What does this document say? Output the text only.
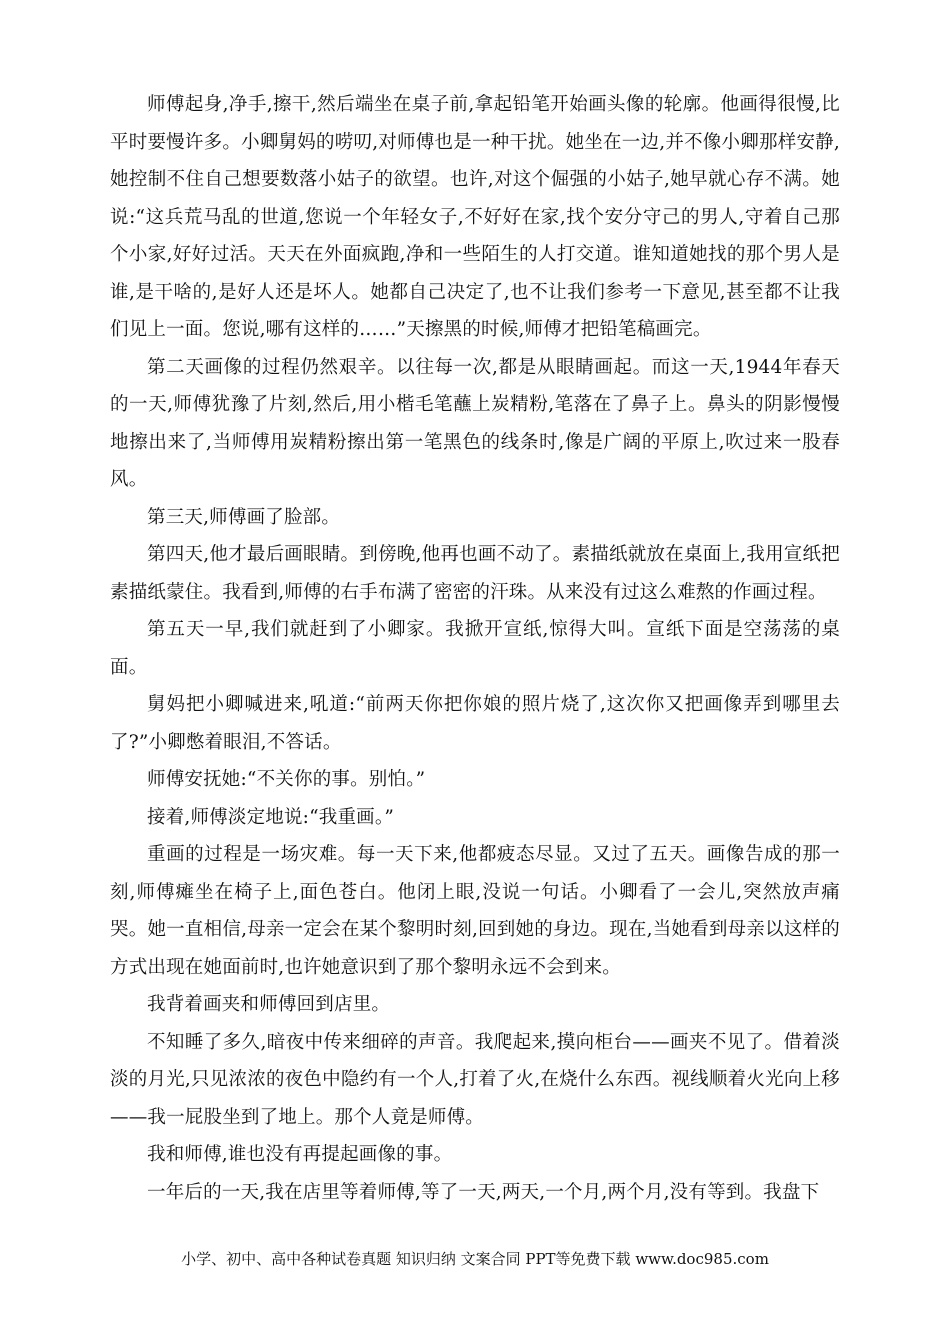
师傅起身,净手,擦干,然后端坐在桌子前,拿起铅笔开始画头像的轮廓。他画得很慢,比平时要慢许多。小卿舅妈的唠叨,对师傅也是一种干扰。她坐在一边,并不像小卿那样安静,她控制不住自己想要数落小姑子的欲望。也许,对这个倔强的小姑子,她早就心存不满。她说:“这兵荒马乱的世道,您说一个年轻女子,不好好在家,找个安分守己的男人,守着自己那个小家,好好过活。天天在外面疯跑,净和一些陌生的人打交道。谁知道她找的那个男人是谁,是干啥的,是好人还是坏人。她都自己决定了,也不让我们参考一下意见,甚至都不让我们见上一面。您说,哪有这样的……”天擦黑的时候,师傅才把铅笔稿画完。

第二天画像的过程仍然艰辛。以往每一次,都是从眼睛画起。而这一天,1944年春天的一天,师傅犹豫了片刻,然后,用小楷毛笔蘸上炭精粉,笔落在了鼻子上。鼻头的阴影慢慢地擦出来了,当师傅用炭精粉擦出第一笔黑色的线条时,像是广阔的平原上,吹过来一股春风。

第三天,师傅画了脸部。

第四天,他才最后画眼睛。到傍晚,他再也画不动了。素描纸就放在桌面上,我用宣纸把素描纸蒙住。我看到,师傅的右手布满了密密的汗珠。从来没有过这么难熬的作画过程。

第五天一早,我们就赶到了小卿家。我掀开宣纸,惊得大叫。宣纸下面是空荡荡的桌面。

舅妈把小卿喊进来,吼道:“前两天你把你娘的照片烧了,这次你又把画像弄到哪里去了?”小卿憋着眼泪,不答话。

师傅安抚她:“不关你的事。别怕。”

接着,师傅淡定地说:“我重画。”

重画的过程是一场灾难。每一天下来,他都疲态尽显。又过了五天。画像告成的那一刻,师傅瘫坐在椅子上,面色苍白。他闭上眼,没说一句话。小卿看了一会儿,突然放声痛哭。她一直相信,母亲一定会在某个黎明时刻,回到她的身边。现在,当她看到母亲以这样的方式出现在她面前时,也许她意识到了那个黎明永远不会到来。

我背着画夹和师傅回到店里。

不知睡了多久,暗夜中传来细碎的声音。我爬起来,摸向柜台——画夹不见了。借着淡淡的月光,只见浓浓的夜色中隐约有一个人,打着了火,在烧什么东西。视线顺着火光向上移——我一屁股坐到了地上。那个人竟是师傅。

我和师傅,谁也没有再提起画像的事。

一年后的一天,我在店里等着师傅,等了一天,两天,一个月,两个月,没有等到。我盘下

小学、初中、高中各种试卷真题 知识归纳 文案合同 PPT等免费下载 www.doc985.com
